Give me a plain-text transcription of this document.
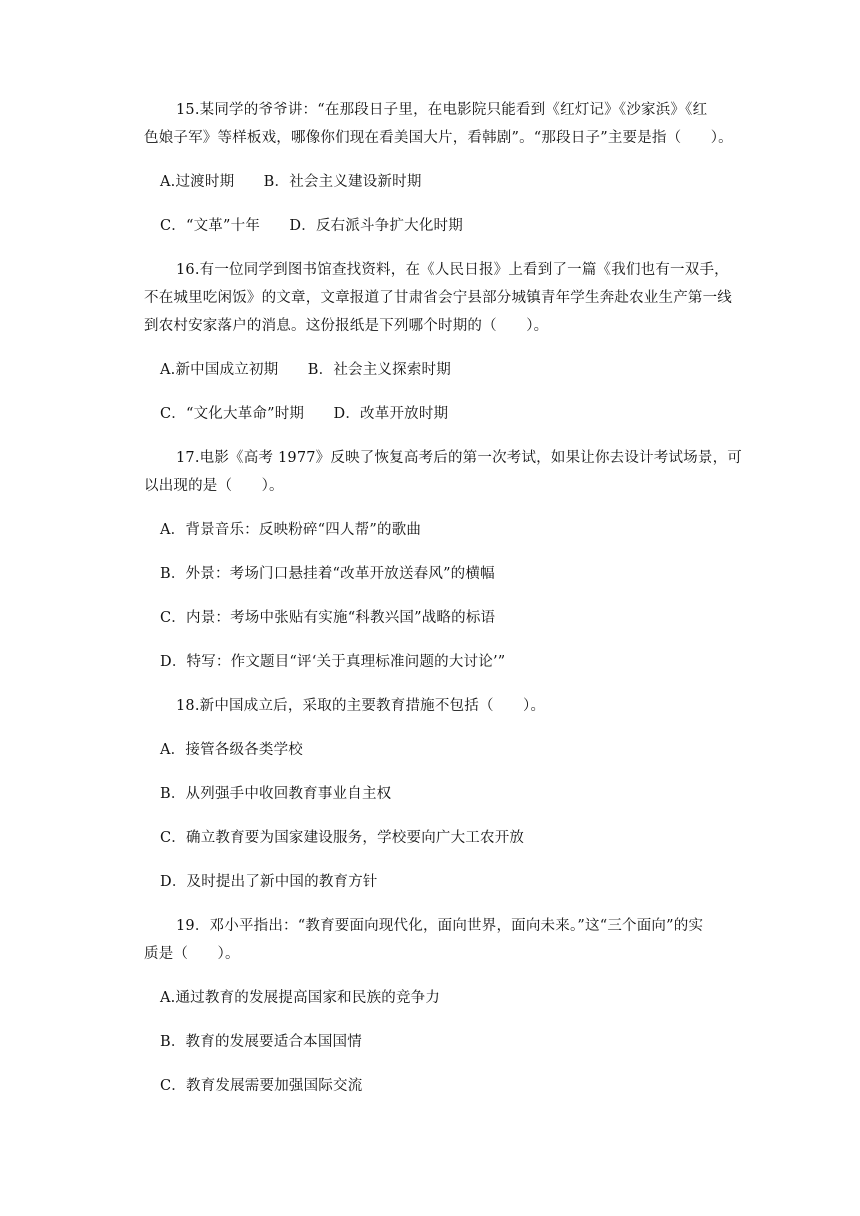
15.某同学的爷爷讲：“在那段日子里，在电影院只能看到《红灯记》《沙家浜》《红
色娘子军》等样板戏，哪像你们现在看美国大片，看韩剧”。“那段日子”主要是指（　　）。
A.过渡时期　　B．社会主义建设新时期
C．“文革”十年　　D．反右派斗争扩大化时期
16.有一位同学到图书馆查找资料，在《人民日报》上看到了一篇《我们也有一双手，
不在城里吃闲饭》的文章，文章报道了甘肃省会宁县部分城镇青年学生奔赴农业生产第一线
到农村安家落户的消息。这份报纸是下列哪个时期的（　　）。
A.新中国成立初期　　B．社会主义探索时期
C．“文化大革命”时期　　D．改革开放时期
17.电影《高考 1977》反映了恢复高考后的第一次考试，如果让你去设计考试场景，可
以出现的是（　　）。
A．背景音乐：反映粉碎“四人帮”的歌曲
B．外景：考场门口悬挂着“改革开放送春风”的横幅
C．内景：考场中张贴有实施“科教兴国”战略的标语
D．特写：作文题目“评‘关于真理标准问题的大讨论’”
18.新中国成立后，采取的主要教育措施不包括（　　）。
A．接管各级各类学校
B．从列强手中收回教育事业自主权
C．确立教育要为国家建设服务，学校要向广大工农开放
D．及时提出了新中国的教育方针
19．邓小平指出：“教育要面向现代化，面向世界，面向未来。”这“三个面向”的实
质是（　　）。
A.通过教育的发展提高国家和民族的竞争力
B．教育的发展要适合本国国情
C．教育发展需要加强国际交流
